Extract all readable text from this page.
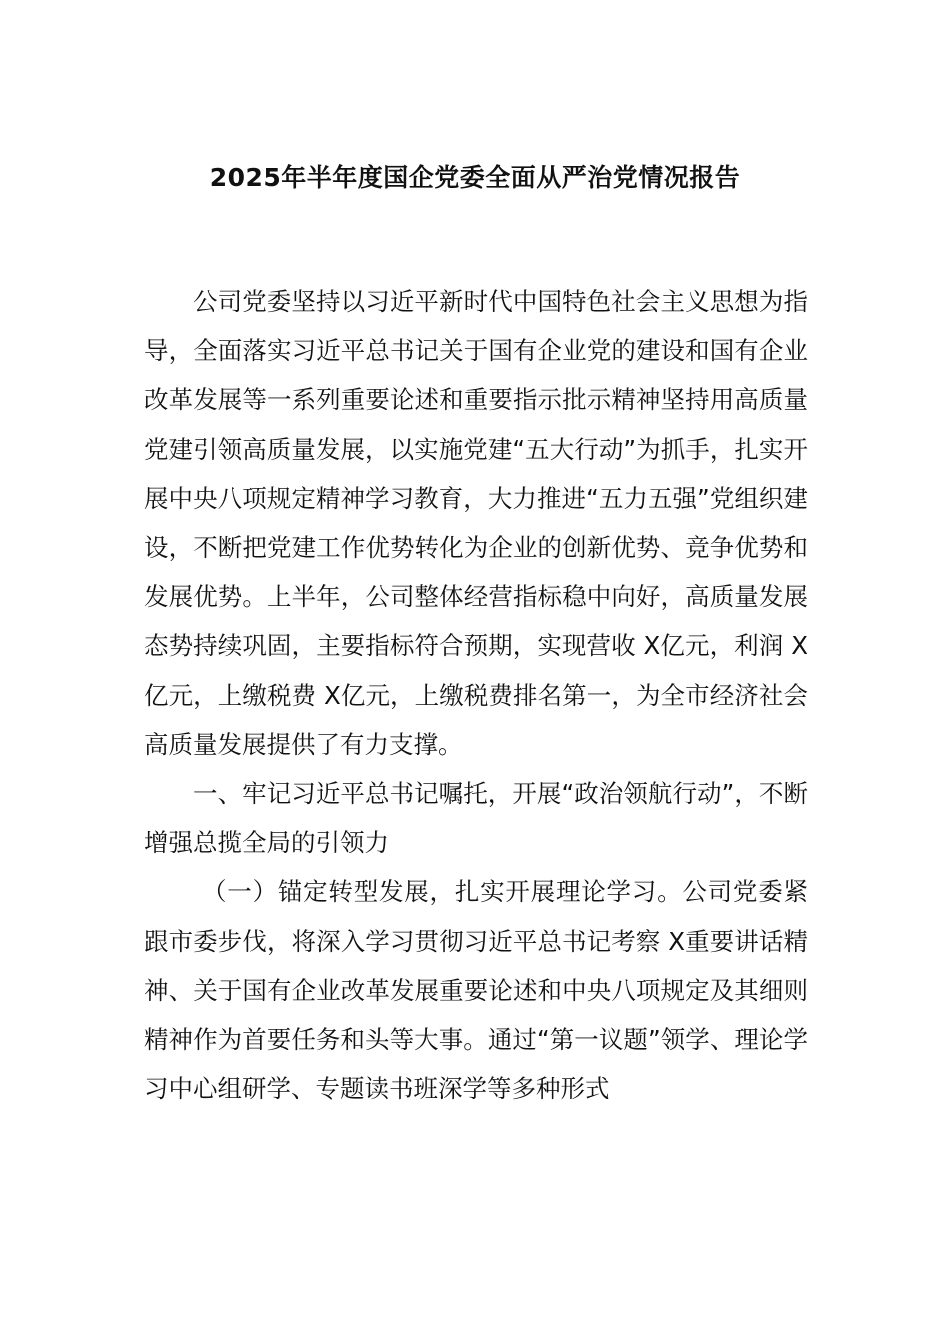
2025年半年度国企党委全面从严治党情况报告

公司党委坚持以习近平新时代中国特色社会主义思想为指导，全面落实习近平总书记关于国有企业党的建设和国有企业改革发展等一系列重要论述和重要指示批示精神坚持用高质量党建引领高质量发展，以实施党建“五大行动”为抓手，扎实开展中央八项规定精神学习教育，大力推进“五力五强”党组织建设，不断把党建工作优势转化为企业的创新优势、竞争优势和发展优势。上半年，公司整体经营指标稳中向好，高质量发展态势持续巩固，主要指标符合预期，实现营收 X亿元，利润 X亿元，上缴税费 X亿元，上缴税费排名第一，为全市经济社会高质量发展提供了有力支撑。

一、牢记习近平总书记嘱托，开展“政治领航行动”，不断增强总揽全局的引领力

（一）锚定转型发展，扎实开展理论学习。公司党委紧跟市委步伐，将深入学习贯彻习近平总书记考察 X重要讲话精神、关于国有企业改革发展重要论述和中央八项规定及其细则精神作为首要任务和头等大事。通过“第一议题”领学、理论学习中心组研学、专题读书班深学等多种形式
